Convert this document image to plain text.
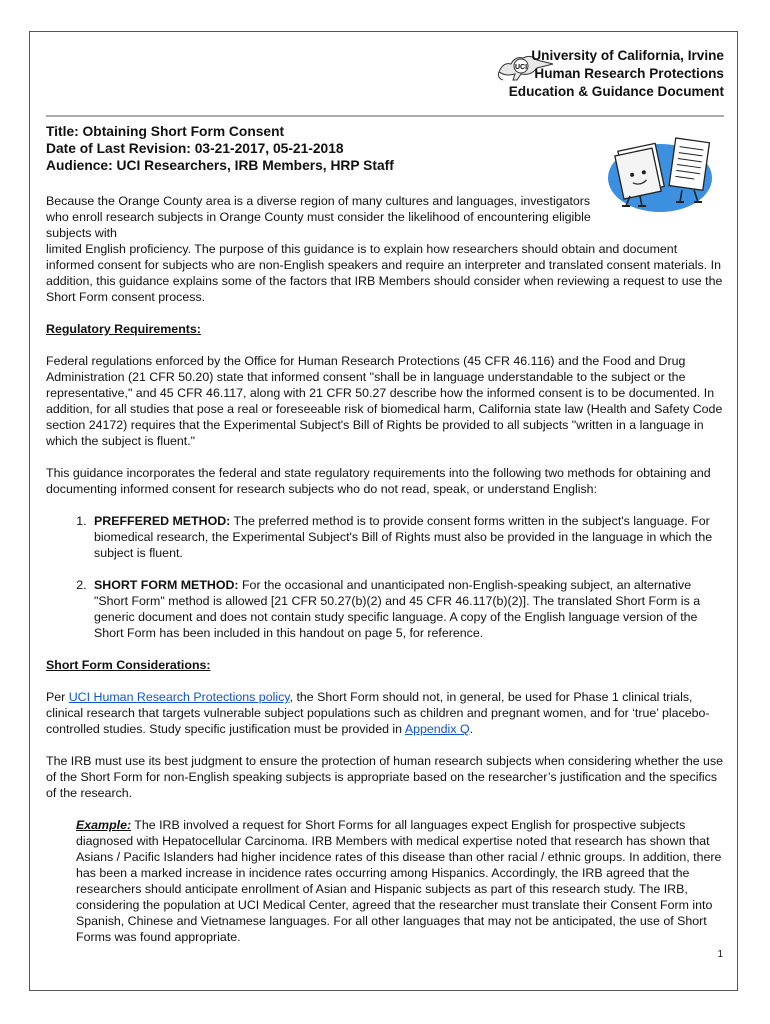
UCI
University of California, Irvine
Human Research Protections
Education & Guidance Document
Title: Obtaining Short Form Consent
Date of Last Revision: 03-21-2017, 05-21-2018
Audience: UCI Researchers, IRB Members, HRP Staff

Because the Orange County area is a diverse region of many cultures and languages, investigators who enroll research subjects in Orange County must consider the likelihood of encountering eligible subjects with

limited English proficiency. The purpose of this guidance is to explain how researchers should obtain and document informed consent for subjects who are non-English speakers and require an interpreter and translated consent materials. In addition, this guidance explains some of the factors that IRB Members should consider when reviewing a request to use the Short Form consent process.

Regulatory Requirements:

Federal regulations enforced by the Office for Human Research Protections (45 CFR 46.116) and the Food and Drug Administration (21 CFR 50.20) state that informed consent "shall be in language understandable to the subject or the representative," and 45 CFR 46.117, along with 21 CFR 50.27 describe how the informed consent is to be documented. In addition, for all studies that pose a real or foreseeable risk of biomedical harm, California state law (Health and Safety Code section 24172) requires that the Experimental Subject's Bill of Rights be provided to all subjects "written in a language in which the subject is fluent."

This guidance incorporates the federal and state regulatory requirements into the following two methods for obtaining and documenting informed consent for research subjects who do not read, speak, or understand English:

1. PREFFERED METHOD: The preferred method is to provide consent forms written in the subject's language. For biomedical research, the Experimental Subject's Bill of Rights must also be provided in the language in which the subject is fluent.
2. SHORT FORM METHOD: For the occasional and unanticipated non-English-speaking subject, an alternative "Short Form" method is allowed [21 CFR 50.27(b)(2) and 45 CFR 46.117(b)(2)]. The translated Short Form is a generic document and does not contain study specific language. A copy of the English language version of the Short Form has been included in this handout on page 5, for reference.

Short Form Considerations:

Per UCI Human Research Protections policy, the Short Form should not, in general, be used for Phase 1 clinical trials, clinical research that targets vulnerable subject populations such as children and pregnant women, and for ‘true’ placebo-controlled studies. Study specific justification must be provided in Appendix Q.

The IRB must use its best judgment to ensure the protection of human research subjects when considering whether the use of the Short Form for non-English speaking subjects is appropriate based on the researcher’s justification and the specifics of the research.

Example: The IRB involved a request for Short Forms for all languages expect English for prospective subjects diagnosed with Hepatocellular Carcinoma. IRB Members with medical expertise noted that research has shown that Asians / Pacific Islanders had higher incidence rates of this disease than other racial / ethnic groups. In addition, there has been a marked increase in incidence rates occurring among Hispanics. Accordingly, the IRB agreed that the researchers should anticipate enrollment of Asian and Hispanic subjects as part of this research study. The IRB, considering the population at UCI Medical Center, agreed that the researcher must translate their Consent Form into Spanish, Chinese and Vietnamese languages. For all other languages that may not be anticipated, the use of Short Forms was found appropriate.

1
